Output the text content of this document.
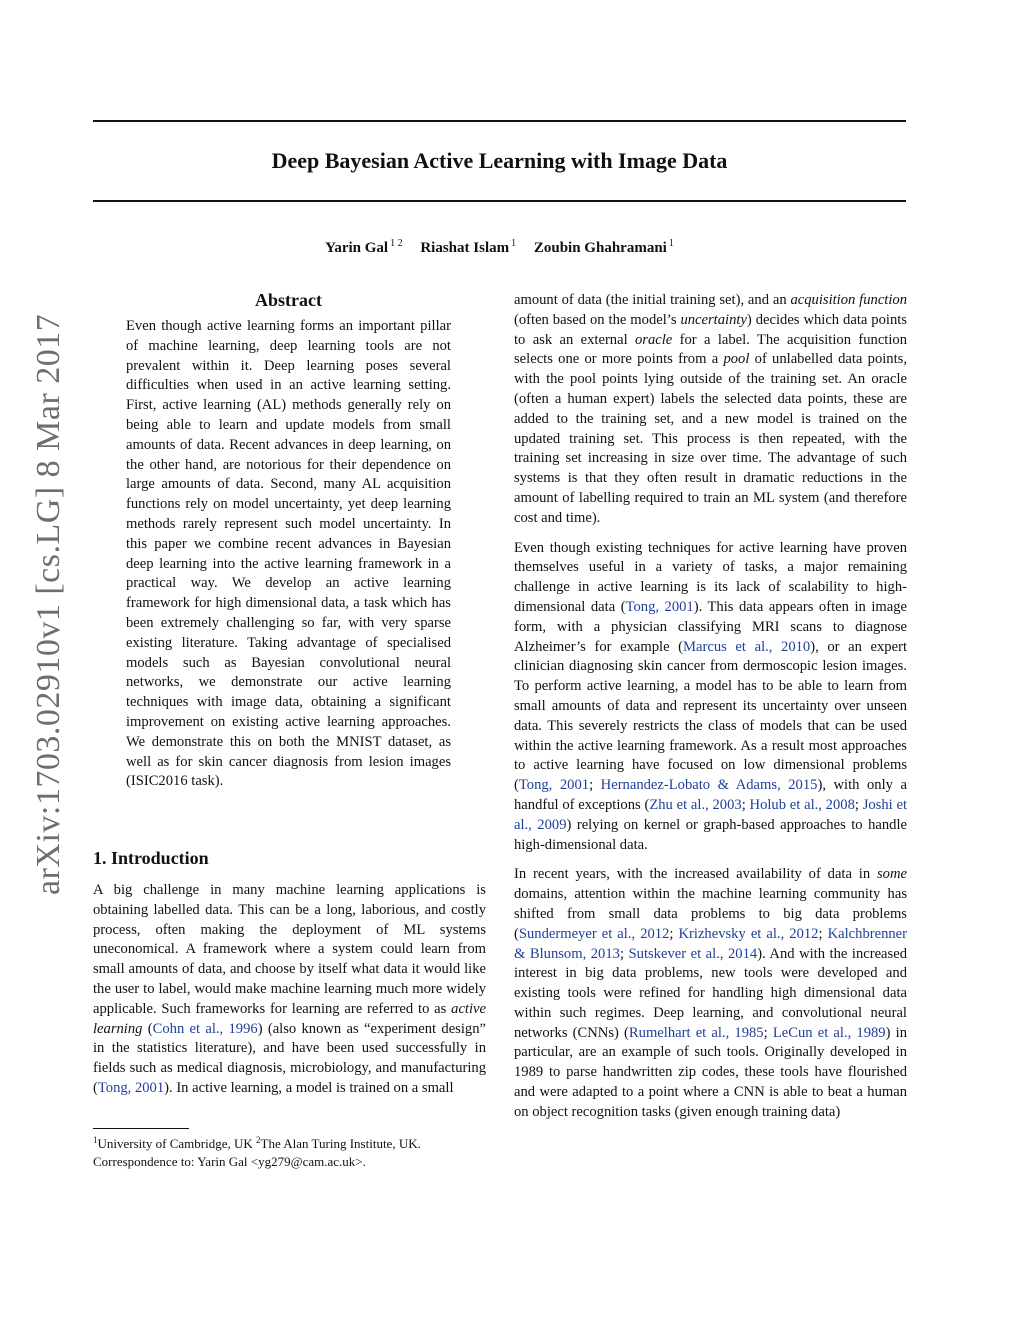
Deep Bayesian Active Learning with Image Data
Yarin Gal $^{1 2}$ Riashat Islam $^1$ Zoubin Ghahramani $^1$
arXiv:1703.02910v1 [cs.LG] 8 Mar 2017
Abstract

Even though active learning forms an important pillar of machine learning, deep learning tools are not prevalent within it. Deep learning poses several difficulties when used in an active learning setting. First, active learning (AL) methods generally rely on being able to learn and update models from small amounts of data. Recent advances in deep learning, on the other hand, are notorious for their dependence on large amounts of data. Second, many AL acquisition functions rely on model uncertainty, yet deep learning methods rarely represent such model uncertainty. In this paper we combine recent advances in Bayesian deep learning into the active learning framework in a practical way. We develop an active learning framework for high dimensional data, a task which has been extremely challenging so far, with very sparse existing literature. Taking advantage of specialised models such as Bayesian convolutional neural networks, we demonstrate our active learning techniques with image data, obtaining a significant improvement on existing active learning approaches. We demonstrate this on both the MNIST dataset, as well as for skin cancer diagnosis from lesion images (ISIC2016 task).

1. Introduction

A big challenge in many machine learning applications is obtaining labelled data. This can be a long, laborious, and costly process, often making the deployment of ML systems uneconomical. A framework where a system could learn from small amounts of data, and choose by itself what data it would like the user to label, would make machine learning much more widely applicable. Such frameworks for learning are referred to as active learning (Cohn et al., 1996) (also known as “experiment design” in the statistics literature), and have been used successfully in fields such as medical diagnosis, microbiology, and manufacturing (Tong, 2001). In active learning, a model is trained on a small

amount of data (the initial training set), and an acquisition function (often based on the model’s uncertainty) decides which data points to ask an external oracle for a label. The acquisition function selects one or more points from a pool of unlabelled data points, with the pool points lying outside of the training set. An oracle (often a human expert) labels the selected data points, these are added to the training set, and a new model is trained on the updated training set. This process is then repeated, with the training set increasing in size over time. The advantage of such systems is that they often result in dramatic reductions in the amount of labelling required to train an ML system (and therefore cost and time).

Even though existing techniques for active learning have proven themselves useful in a variety of tasks, a major remaining challenge in active learning is its lack of scalability to high-dimensional data (Tong, 2001). This data appears often in image form, with a physician classifying MRI scans to diagnose Alzheimer’s for example (Marcus et al., 2010), or an expert clinician diagnosing skin cancer from dermoscopic lesion images. To perform active learning, a model has to be able to learn from small amounts of data and represent its uncertainty over unseen data. This severely restricts the class of models that can be used within the active learning framework. As a result most approaches to active learning have focused on low dimensional problems (Tong, 2001; Hernandez-Lobato & Adams, 2015), with only a handful of exceptions (Zhu et al., 2003; Holub et al., 2008; Joshi et al., 2009) relying on kernel or graph-based approaches to handle high-dimensional data.

In recent years, with the increased availability of data in some domains, attention within the machine learning community has shifted from small data problems to big data problems (Sundermeyer et al., 2012; Krizhevsky et al., 2012; Kalchbrenner & Blunsom, 2013; Sutskever et al., 2014). And with the increased interest in big data problems, new tools were developed and existing tools were refined for handling high dimensional data within such regimes. Deep learning, and convolutional neural networks (CNNs) (Rumelhart et al., 1985; LeCun et al., 1989) in particular, are an example of such tools. Originally developed in 1989 to parse handwritten zip codes, these tools have flourished and were adapted to a point where a CNN is able to beat a human on object recognition tasks (given enough training data)

$^1$University of Cambridge, UK $^2$The Alan Turing Institute, UK. Correspondence to: Yarin Gal <yg279@cam.ac.uk>.
